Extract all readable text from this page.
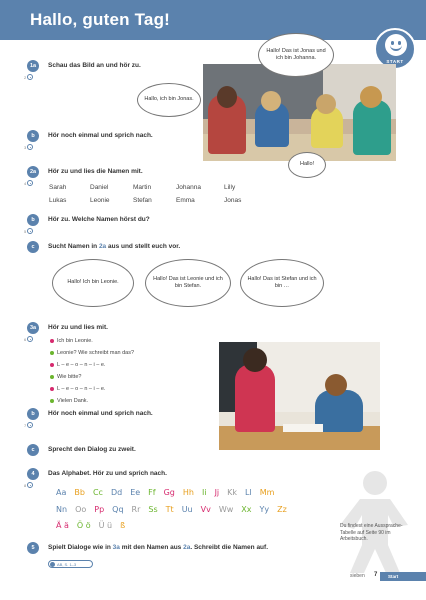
Hallo, guten Tag!
START
1a
2
Schau das Bild an und hör zu.
Hallo! Das ist Jonas und ich bin Johanna.
Hallo, ich bin Jonas.
Hallo!
b
3
Hör noch einmal und sprich nach.
2a
4
Hör zu und lies die Namen mit.
Sarah	Daniel	Martin	Johanna	Lilly
Lukas	Leonie	Stefan	Emma	Jonas
b
5
Hör zu. Welche Namen hörst du?
c	Sucht Namen in 2a aus und stellt euch vor.
Hallo! Ich bin Leonie.
Hallo! Das ist Leonie und ich bin Stefan.
Hallo! Das ist Stefan und ich bin …
3a
6
Hör zu und lies mit.
Ich bin Leonie.
Leonie? Wie schreibt man das?
L – e – o – n – i – e.
Wie bitte?
L – e – o – n – i – e.
Vielen Dank.
b
7
Hör noch einmal und sprich nach.
c	Sprecht den Dialog zu zweit.
4
8
Das Alphabet. Hör zu und sprich nach.
Aa Bb Cc Dd Ee Ff Gg Hh Ii Jj Kk Ll Mm
Nn Oo Pp Qq Rr Ss Tt Uu Vv Ww Xx Yy Zz
Ä ä Ö ö Ü ü ß	Du findest eine Aussprache-Tabelle auf Seite 90 im Arbeitsbuch.
5	Spielt Dialoge wie in 3a mit den Namen aus 2a. Schreibt die Namen auf.
AB, S. 1–3
sieben 7 Start
